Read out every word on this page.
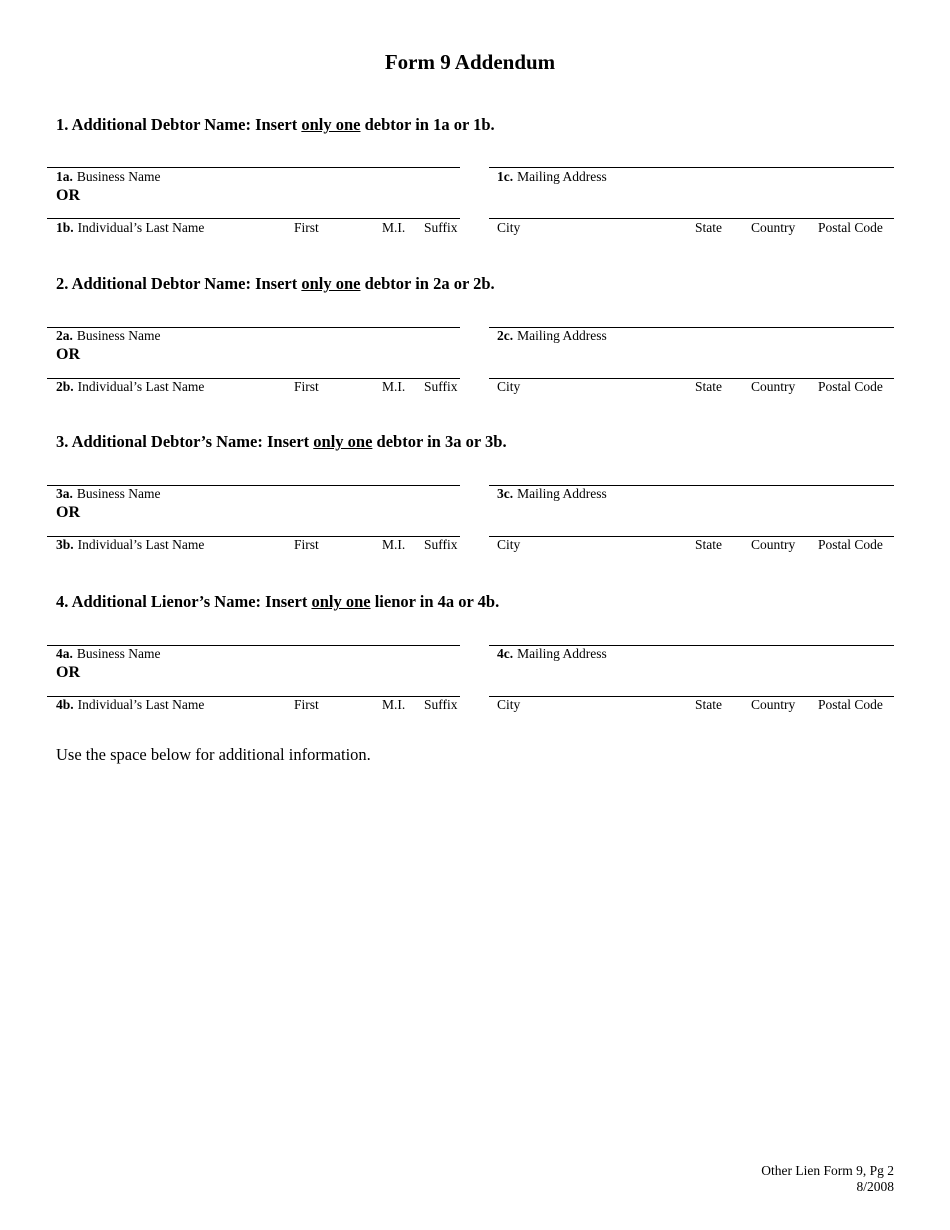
Form 9 Addendum
1. Additional Debtor Name: Insert only one debtor in 1a or 1b.
1a. Business Name
OR
1c. Mailing Address
1b. Individual’s Last Name	First	M.I. Suffix	City	State Country Postal Code
2. Additional Debtor Name: Insert only one debtor in 2a or 2b.
2a. Business Name
OR
2c. Mailing Address
2b. Individual’s Last Name	First	M.I. Suffix	City	State Country Postal Code
3. Additional Debtor’s Name: Insert only one debtor in 3a or 3b.
3a. Business Name
OR
3c. Mailing Address
3b. Individual’s Last Name	First	M.I. Suffix	City	State Country Postal Code
4. Additional Lienor’s Name: Insert only one lienor in 4a or 4b.
4a. Business Name
OR
4c. Mailing Address
4b. Individual’s Last Name	First	M.I. Suffix	City	State Country Postal Code
Use the space below for additional information.
Other Lien Form 9, Pg 2
8/2008
